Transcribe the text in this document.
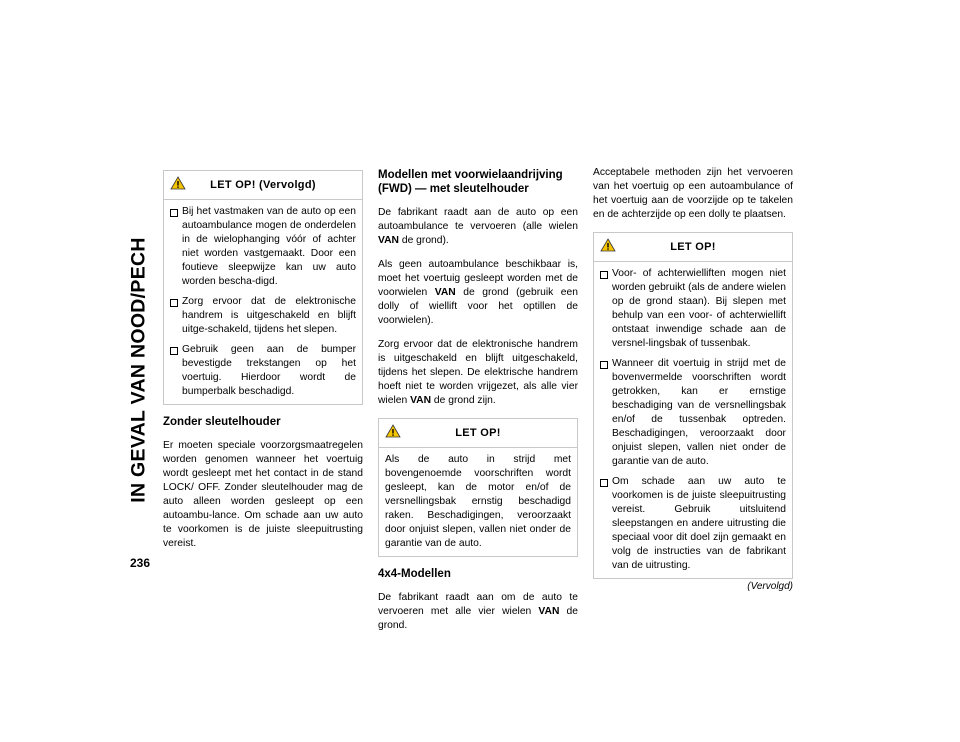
IN GEVAL VAN NOOD/PECH
236
LET OP! (Vervolgd)
Bij het vastmaken van de auto op een autoambulance mogen de onderdelen in de wielophanging vóór of achter niet worden vastgemaakt. Door een foutieve sleepwijze kan uw auto worden bescha-digd.
Zorg ervoor dat de elektronische handrem is uitgeschakeld en blijft uitge-schakeld, tijdens het slepen.
Gebruik geen aan de bumper bevestigde trekstangen op het voertuig. Hierdoor wordt de bumperbalk beschadigd.
Zonder sleutelhouder

Er moeten speciale voorzorgsmaatregelen worden genomen wanneer het voertuig wordt gesleept met het contact in de stand LOCK/ OFF. Zonder sleutelhouder mag de auto alleen worden gesleept op een autoambu-lance. Om schade aan uw auto te voorkomen is de juiste sleepuitrusting vereist.

Modellen met voorwielaandrijving (FWD) — met sleutelhouder

De fabrikant raadt aan de auto op een autoambulance te vervoeren (alle wielen VAN de grond).

Als geen autoambulance beschikbaar is, moet het voertuig gesleept worden met de voorwielen VAN de grond (gebruik een dolly of wiellift voor het optillen de voorwielen).

Zorg ervoor dat de elektronische handrem is uitgeschakeld en blijft uitgeschakeld, tijdens het slepen. De elektrische handrem hoeft niet te worden vrijgezet, als alle vier wielen VAN de grond zijn.

LET OP!

Als de auto in strijd met bovengenoemde voorschriften wordt gesleept, kan de motor en/of de versnellingsbak ernstig beschadigd raken. Beschadigingen, veroorzaakt door onjuist slepen, vallen niet onder de garantie van de auto.

4x4-Modellen

De fabrikant raadt aan om de auto te vervoeren met alle vier wielen VAN de grond.

Acceptabele methoden zijn het vervoeren van het voertuig op een autoambulance of het voertuig aan de voorzijde op te takelen en de achterzijde op een dolly te plaatsen.

LET OP!
Voor- of achterwielliften mogen niet worden gebruikt (als de andere wielen op de grond staan). Bij slepen met behulp van een voor- of achterwiellift ontstaat inwendige schade aan de versnel-lingsbak of tussenbak.
Wanneer dit voertuig in strijd met de bovenvermelde voorschriften wordt getrokken, kan er ernstige beschadiging van de versnellingsbak en/of de tussenbak optreden. Beschadigingen, veroorzaakt door onjuist slepen, vallen niet onder de garantie van de auto.
Om schade aan uw auto te voorkomen is de juiste sleepuitrusting vereist. Gebruik uitsluitend sleepstangen en andere uitrusting die speciaal voor dit doel zijn gemaakt en volg de instructies van de fabrikant van de uitrusting.
(Vervolgd)
